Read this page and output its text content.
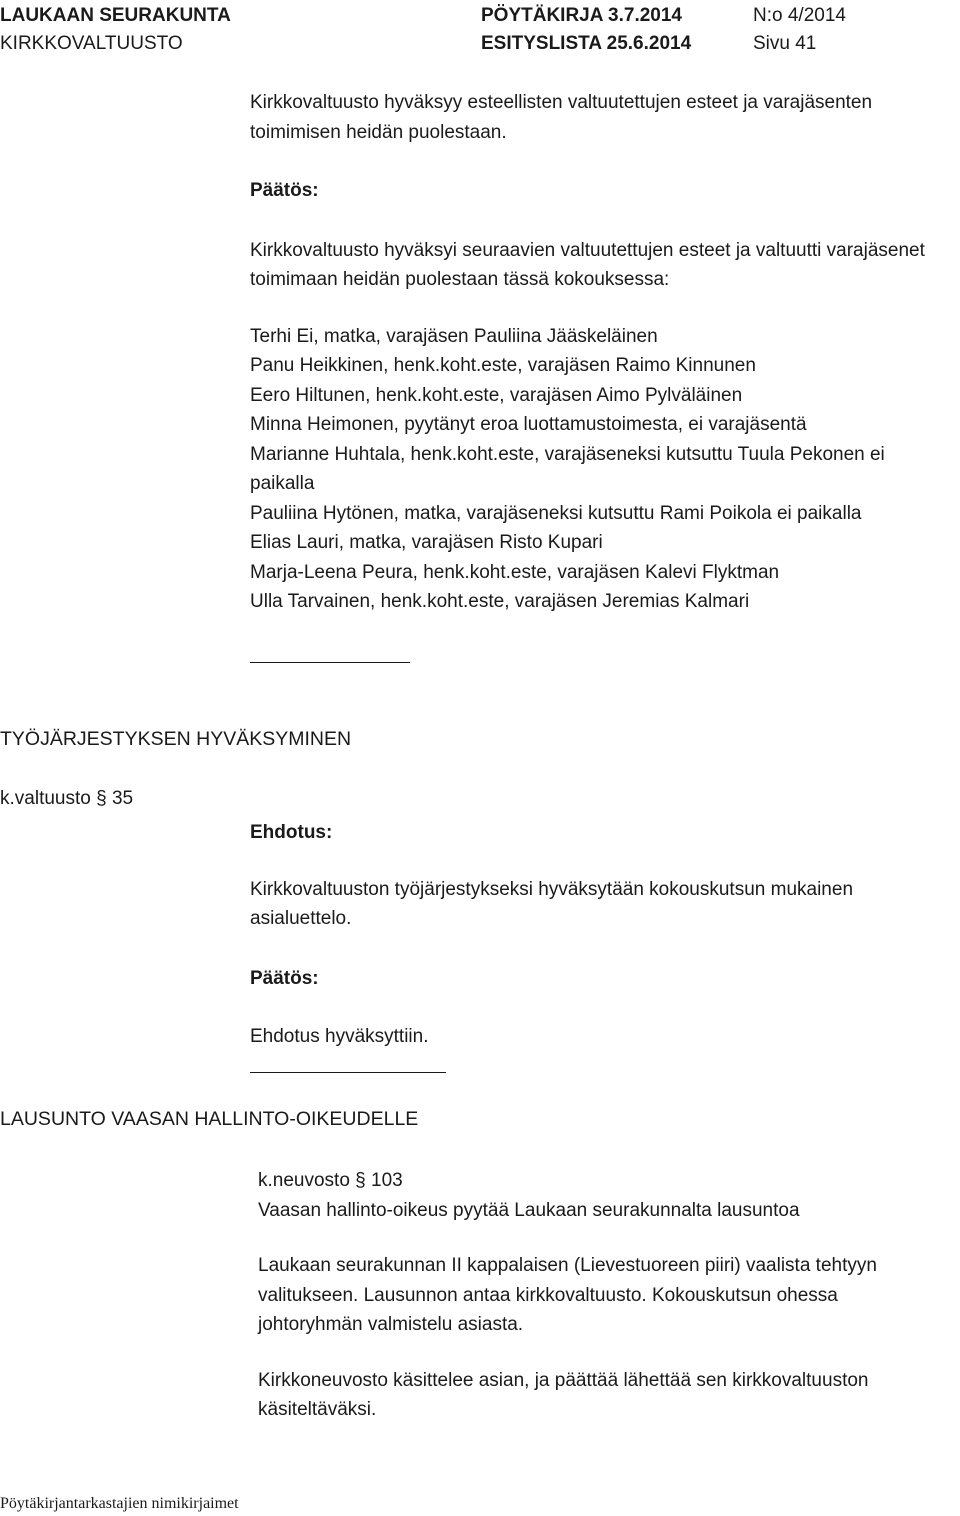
LAUKAAN SEURAKUNTA
KIRKKOVALTUUSTO
PÖYTÄKIRJA 3.7.2014
ESITYSLISTA 25.6.2014
N:o 4/2014
Sivu 41

Kirkkovaltuusto hyväksyy esteellisten valtuutettujen esteet ja varajäsenten toimimisen heidän puolestaan.

Päätös:

Kirkkovaltuusto hyväksyi seuraavien valtuutettujen esteet ja valtuutti varajäsenet toimimaan heidän puolestaan tässä kokouksessa:

Terhi Ei, matka, varajäsen Pauliina Jääskeläinen

Panu Heikkinen, henk.koht.este, varajäsen Raimo Kinnunen

Eero Hiltunen, henk.koht.este, varajäsen Aimo Pylväläinen

Minna Heimonen, pyytänyt eroa luottamustoimesta, ei varajäsentä

Marianne Huhtala, henk.koht.este, varajäseneksi kutsuttu Tuula Pekonen ei paikalla

Pauliina Hytönen, matka, varajäseneksi kutsuttu Rami Poikola ei paikalla

Elias Lauri, matka, varajäsen Risto Kupari

Marja-Leena Peura, henk.koht.este, varajäsen Kalevi Flyktman

Ulla Tarvainen, henk.koht.este, varajäsen Jeremias Kalmari

TYÖJÄRJESTYKSEN HYVÄKSYMINEN

k.valtuusto § 35

Ehdotus:

Kirkkovaltuuston työjärjestykseksi hyväksytään kokouskutsun mukainen asialuettelo.

Päätös:

Ehdotus hyväksyttiin.

LAUSUNTO VAASAN HALLINTO-OIKEUDELLE

k.neuvosto § 103

Vaasan hallinto-oikeus pyytää Laukaan seurakunnalta lausuntoa

Laukaan seurakunnan II kappalaisen (Lievestuoreen piiri) vaalista tehtyyn valitukseen. Lausunnon antaa kirkkovaltuusto. Kokouskutsun ohessa johtoryhmän valmistelu asiasta.

Kirkkoneuvosto käsittelee asian, ja päättää lähettää sen kirkkovaltuuston käsiteltäväksi.

Pöytäkirjantarkastajien nimikirjaimet
